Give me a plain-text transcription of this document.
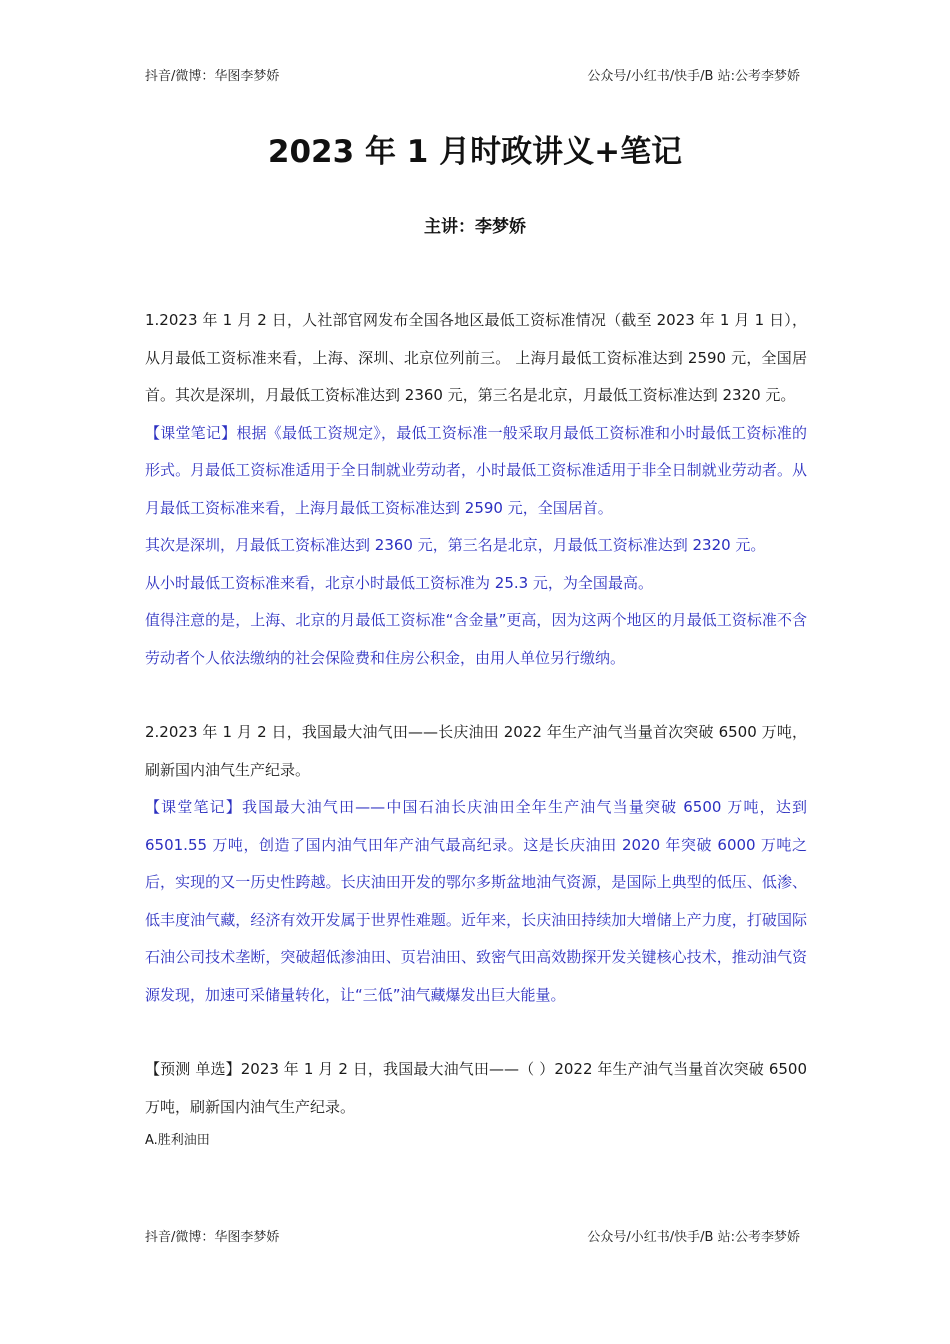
抖音/微博：华图李梦娇	公众号/小红书/快手/B 站:公考李梦娇
2023 年 1 月时政讲义+笔记
主讲：李梦娇

1.2023 年 1 月 2 日，人社部官网发布全国各地区最低工资标准情况（截至 2023 年 1 月 1 日），从月最低工资标准来看，上海、深圳、北京位列前三。 上海月最低工资标准达到 2590 元，全国居首。其次是深圳，月最低工资标准达到 2360 元，第三名是北京，月最低工资标准达到 2320 元。

【课堂笔记】根据《最低工资规定》，最低工资标准一般采取月最低工资标准和小时最低工资标准的形式。月最低工资标准适用于全日制就业劳动者，小时最低工资标准适用于非全日制就业劳动者。从月最低工资标准来看，上海月最低工资标准达到 2590 元，全国居首。

其次是深圳，月最低工资标准达到 2360 元，第三名是北京，月最低工资标准达到 2320 元。

从小时最低工资标准来看，北京小时最低工资标准为 25.3 元，为全国最高。

值得注意的是，上海、北京的月最低工资标准“含金量”更高，因为这两个地区的月最低工资标准不含劳动者个人依法缴纳的社会保险费和住房公积金，由用人单位另行缴纳。

2.2023 年 1 月 2 日，我国最大油气田——长庆油田 2022 年生产油气当量首次突破 6500 万吨，刷新国内油气生产纪录。

【课堂笔记】我国最大油气田——中国石油长庆油田全年生产油气当量突破 6500 万吨，达到 6501.55 万吨，创造了国内油气田年产油气最高纪录。这是长庆油田 2020 年突破 6000 万吨之后，实现的又一历史性跨越。长庆油田开发的鄂尔多斯盆地油气资源，是国际上典型的低压、低渗、低丰度油气藏，经济有效开发属于世界性难题。近年来，长庆油田持续加大增储上产力度，打破国际石油公司技术垄断，突破超低渗油田、页岩油田、致密气田高效勘探开发关键核心技术，推动油气资源发现，加速可采储量转化，让“三低”油气藏爆发出巨大能量。

【预测 单选】2023 年 1 月 2 日，我国最大油气田——（ ）2022 年生产油气当量首次突破 6500 万吨，刷新国内油气生产纪录。

A.胜利油田
抖音/微博：华图李梦娇	公众号/小红书/快手/B 站:公考李梦娇
